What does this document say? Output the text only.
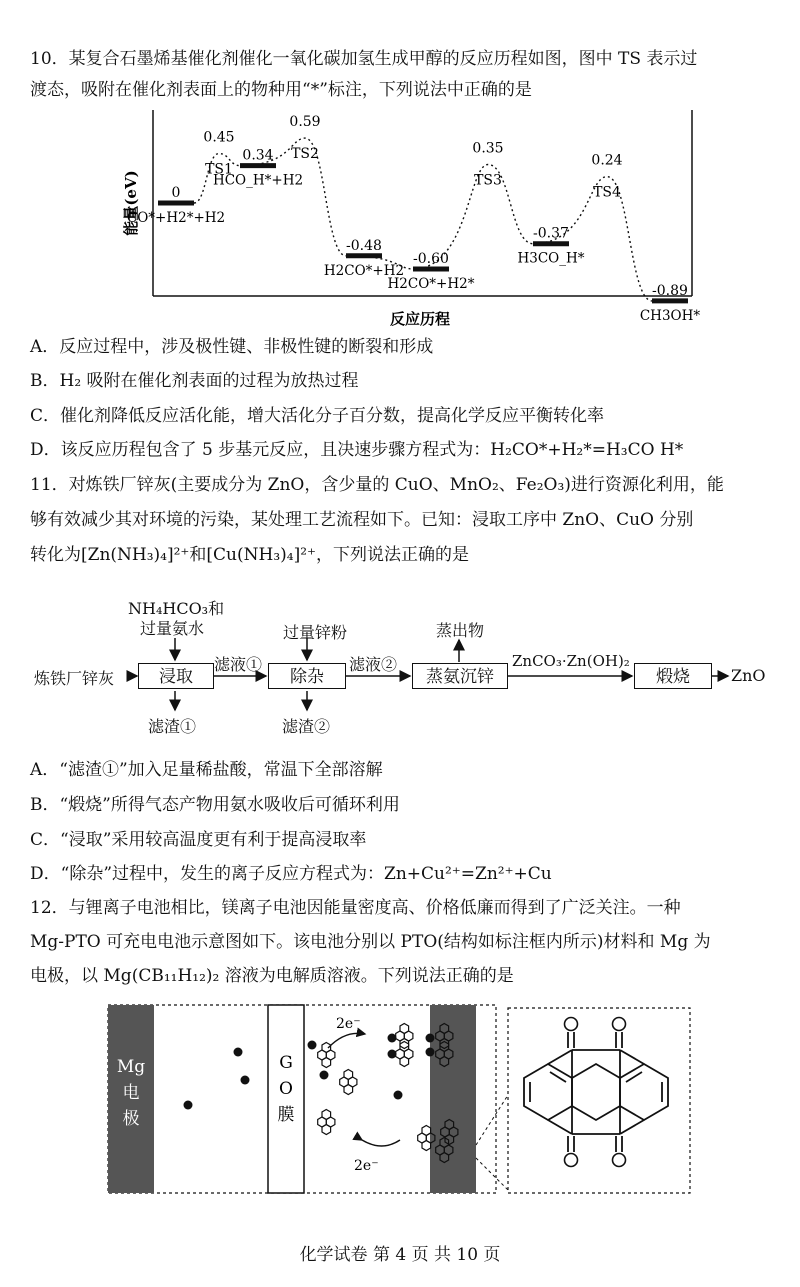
10．某复合石墨烯基催化剂催化一氧化碳加氢生成甲醇的反应历程如图，图中 TS 表示过
渡态，吸附在催化剂表面上的物种用“*”标注，下列说法中正确的是
能量(eV)
反应历程
0
CO*+H2*+H2
0.45
TS1
0.34
HCO_H*+H2
0.59
TS2
-0.48
H2CO*+H2
-0.60
H2CO*+H2*
0.35
TS3
-0.37
H3CO_H*
0.24
TS4
-0.89
CH3OH*
A．反应过程中，涉及极性键、非极性键的断裂和形成
B．H₂ 吸附在催化剂表面的过程为放热过程
C．催化剂降低反应活化能，增大活化分子百分数，提高化学反应平衡转化率
D．该反应历程包含了 5 步基元反应，且决速步骤方程式为：H₂CO*+H₂*=H₃CO H*
11．对炼铁厂锌灰(主要成分为 ZnO，含少量的 CuO、MnO₂、Fe₂O₃)进行资源化利用，能
够有效减少其对环境的污染，某处理工艺流程如下。已知：浸取工序中 ZnO、CuO 分别
转化为[Zn(NH₃)₄]²⁺和[Cu(NH₃)₄]²⁺，下列说法正确的是
NH₄HCO₃和
过量氨水	过量锌粉
炼铁厂锌灰	浸取
滤液①
滤渣①
除杂
滤液②
滤渣②
蒸氨沉锌
蒸出物
ZnCO₃·Zn(OH)₂
煅烧	ZnO
A．“滤渣①”加入足量稀盐酸，常温下全部溶解
B．“煅烧”所得气态产物用氨水吸收后可循环利用
C．“浸取”采用较高温度更有利于提高浸取率
D．“除杂”过程中，发生的离子反应方程式为：Zn+Cu²⁺=Zn²⁺+Cu
12．与锂离子电池相比，镁离子电池因能量密度高、价格低廉而得到了广泛关注。一种
Mg-PTO 可充电电池示意图如下。该电池分别以 PTO(结构如标注框内所示)材料和 Mg 为
电极，以 Mg(CB₁₁H₁₂)₂ 溶液为电解质溶液。下列说法正确的是
Mg
电
极
G
O
膜
2e⁻
2e⁻
化学试卷 第 4 页 共 10 页
